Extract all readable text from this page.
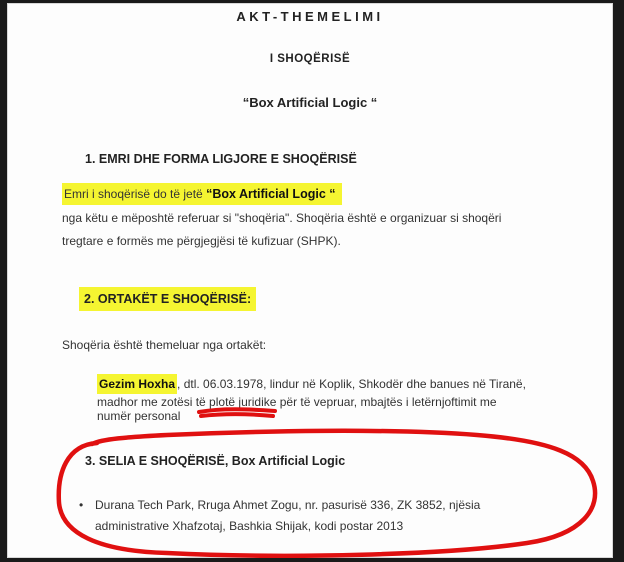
AKT-THEMELIMI
I SHOQËRISË
“Box Artificial Logic “
1. EMRI DHE FORMA LIGJORE E SHOQËRISË
Emri i shoqërisë do të jetë “Box Artificial Logic “
nga këtu e mëposhtë referuar si "shoqëria". Shoqëria është e organizuar si shoqëri
tregtare e formës me përgjegjësi të kufizuar (SHPK).
2. ORTAKËT E SHOQËRISË:
Shoqëria është themeluar nga ortakët:
Gezim Hoxha , dtl. 06.03.1978, lindur në Koplik, Shkodër dhe banues në Tiranë,
madhor me zotësi të plotë juridike për të vepruar, mbajtës i letërnjoftimit me
numër personal
3. SELIA E SHOQËRISË, Box Artificial Logic
• Durana Tech Park, Rruga Ahmet Zogu, nr. pasurisë 336, ZK 3852, njësia
administrative Xhafzotaj, Bashkia Shijak, kodi postar 2013
